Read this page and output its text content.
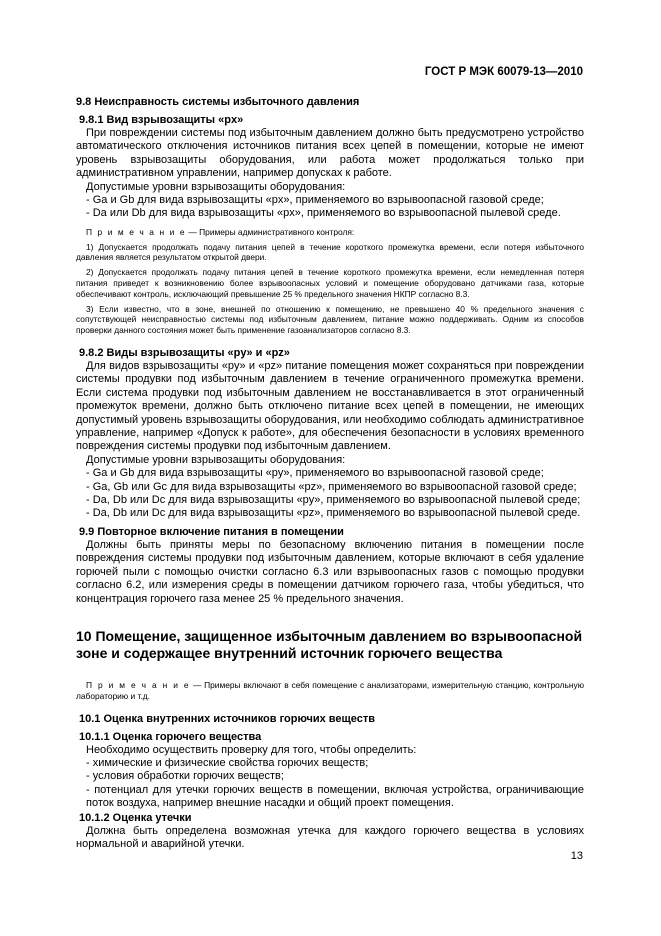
ГОСТ Р МЭК 60079-13—2010

9.8 Неисправность системы избыточного давления

9.8.1 Вид взрывозащиты «px»

При повреждении системы под избыточным давлением должно быть предусмотрено устройство автоматического отключения источников питания всех цепей в помещении, которые не имеют уровень взрывозащиты оборудования, или работа может продолжаться только при административном управлении, например допусках к работе.

Допустимые уровни взрывозащиты оборудования:

- Ga и Gb для вида взрывозащиты «px», применяемого во взрывоопасной газовой среде;

- Da или Db для вида взрывозащиты «px», применяемого во взрывоопасной пылевой среде.

П р и м е ч а н и е — Примеры административного контроля:

1) Допускается продолжать подачу питания цепей в течение короткого промежутка времени, если потеря избыточного давления является результатом открытой двери.

2) Допускается продолжать подачу питания цепей в течение короткого промежутка времени, если немедленная потеря питания приведет к возникновению более взрывоопасных условий и помещение оборудовано датчиками газа, которые обеспечивают контроль, исключающий превышение 25 % предельного значения НКПР согласно 8.3.

3) Если известно, что в зоне, внешней по отношению к помещению, не превышено 40 % предельного значения с сопутствующей неисправностью системы под избыточным давлением, питание можно поддерживать. Одним из способов проверки данного состояния может быть применение газоанализаторов согласно 8.3.

9.8.2 Виды взрывозащиты «py» и «pz»

Для видов взрывозащиты «py» и «pz» питание помещения может сохраняться при повреждении системы продувки под избыточным давлением в течение ограниченного промежутка времени. Если система продувки под избыточным давлением не восстанавливается в этот ограниченный промежуток времени, должно быть отключено питание всех цепей в помещении, не имеющих допустимый уровень взрывозащиты оборудования, или необходимо соблюдать административное управление, например «Допуск к работе», для обеспечения безопасности в условиях временного повреждения системы продувки под избыточным давлением.

Допустимые уровни взрывозащиты оборудования:

- Ga и Gb для вида взрывозащиты «py», применяемого во взрывоопасной газовой среде;

- Ga, Gb или Gc для вида взрывозащиты «pz», применяемого во взрывоопасной газовой среде;

- Da, Db или Dc для вида взрывозащиты «py», применяемого во взрывоопасной пылевой среде;

- Da, Db или Dc для вида взрывозащиты «pz», применяемого во взрывоопасной пылевой среде.

9.9 Повторное включение питания в помещении

Должны быть приняты меры по безопасному включению питания в помещении после повреждения системы продувки под избыточным давлением, которые включают в себя удаление горючей пыли с помощью очистки согласно 6.3 или взрывоопасных газов с помощью продувки согласно 6.2, или измерения среды в помещении датчиком горючего газа, чтобы убедиться, что концентрация горючего газа менее 25 % предельного значения.

10 Помещение, защищенное избыточным давлением во взрывоопасной
зоне и содержащее внутренний источник горючего вещества

П р и м е ч а н и е — Примеры включают в себя помещение с анализаторами, измерительную станцию, контрольную лабораторию и т.д.

10.1 Оценка внутренних источников горючих веществ

10.1.1 Оценка горючего вещества

Необходимо осуществить проверку для того, чтобы определить:

- химические и физические свойства горючих веществ;

- условия обработки горючих веществ;

- потенциал для утечки горючих веществ в помещении, включая устройства, ограничивающие поток воздуха, например внешние насадки и общий проект помещения.

10.1.2 Оценка утечки

Должна быть определена возможная утечка для каждого горючего вещества в условиях нормальной и аварийной утечки.

13
